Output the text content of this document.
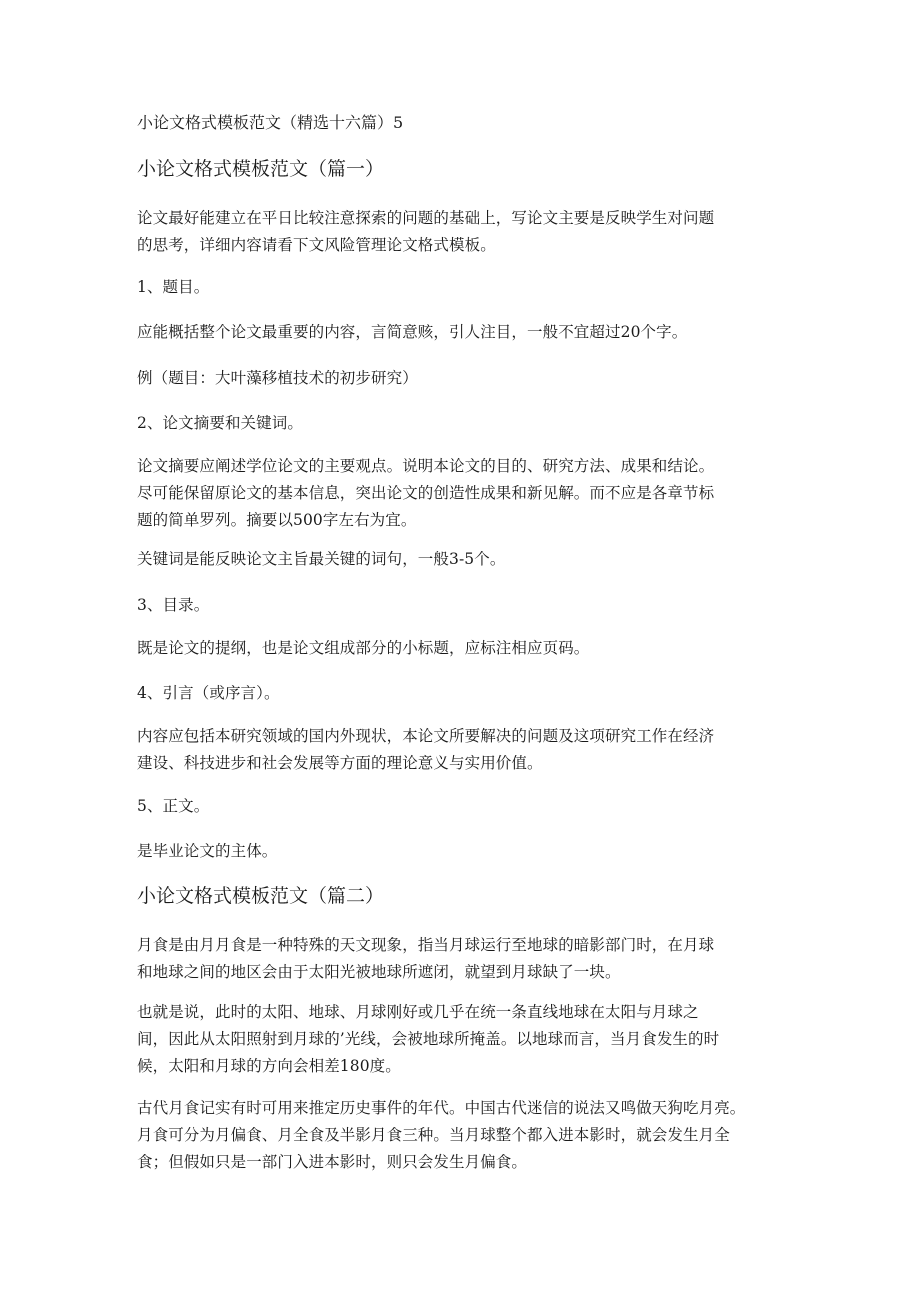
小论文格式模板范文（精选十六篇）5

小论文格式模板范文（篇一）

论文最好能建立在平日比较注意探索的问题的基础上，写论文主要是反映学生对问题
的思考，详细内容请看下文风险管理论文格式模板。

1、题目。

应能概括整个论文最重要的内容，言简意赅，引人注目，一般不宜超过20个字。

例（题目：大叶藻移植技术的初步研究）

2、论文摘要和关键词。

论文摘要应阐述学位论文的主要观点。说明本论文的目的、研究方法、成果和结论。
尽可能保留原论文的基本信息，突出论文的创造性成果和新见解。而不应是各章节标
题的简单罗列。摘要以500字左右为宜。

关键词是能反映论文主旨最关键的词句，一般3-5个。

3、目录。

既是论文的提纲，也是论文组成部分的小标题，应标注相应页码。

4、引言（或序言）。

内容应包括本研究领域的国内外现状，本论文所要解决的问题及这项研究工作在经济
建设、科技进步和社会发展等方面的理论意义与实用价值。

5、正文。

是毕业论文的主体。

小论文格式模板范文（篇二）

月食是由月月食是一种特殊的天文现象，指当月球运行至地球的暗影部门时，在月球
和地球之间的地区会由于太阳光被地球所遮闭，就望到月球缺了一块。

也就是说，此时的太阳、地球、月球刚好或几乎在统一条直线地球在太阳与月球之
间，因此从太阳照射到月球的’光线，会被地球所掩盖。以地球而言，当月食发生的时
候，太阳和月球的方向会相差180度。

古代月食记实有时可用来推定历史事件的年代。中国古代迷信的说法又鸣做天狗吃月亮。
月食可分为月偏食、月全食及半影月食三种。当月球整个都入进本影时，就会发生月全
食；但假如只是一部门入进本影时，则只会发生月偏食。
